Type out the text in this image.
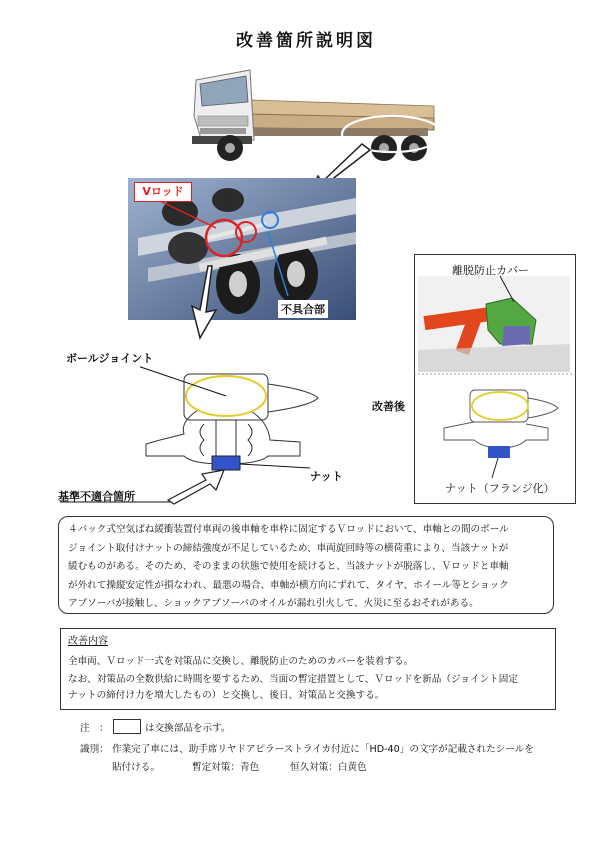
改善箇所説明図
Vロッド
不具合部
ボールジョイント
ナット
基準不適合箇所
離脱防止カバー
ナット（フランジ化）
改善後
４バック式空気ばね緩衝装置付車両の後車軸を車枠に固定するＶロッドにおいて、車軸との間のボール
ジョイント取付けナットの締結強度が不足しているため、車両旋回時等の横荷重により、当該ナットが
緩むものがある。そのため、そのままの状態で使用を続けると、当該ナットが脱落し、Ｖロッドと車軸
が外れて操縦安定性が損なわれ、最悪の場合、車軸が横方向にずれて、タイヤ、ホイール等とショック
アブソーバが接触し、ショックアブソーバのオイルが漏れ引火して、火災に至るおそれがある。
改善内容
全車両、Ｖロッド一式を対策品に交換し、離脱防止のためのカバーを装着する。
なお、対策品の全数供給に時間を要するため、当面の暫定措置として、Ｖロッドを新品（ジョイント固定
ナットの締付け力を増大したもの）と交換し、後日、対策品と交換する。
注　：	は交換部品を示す。
識別： 作業完了車には、助手席リヤドアピラーストライカ付近に「HD-40」の文字が記載されたシールを
貼付ける。	暫定対策：青色	恒久対策：白黄色
